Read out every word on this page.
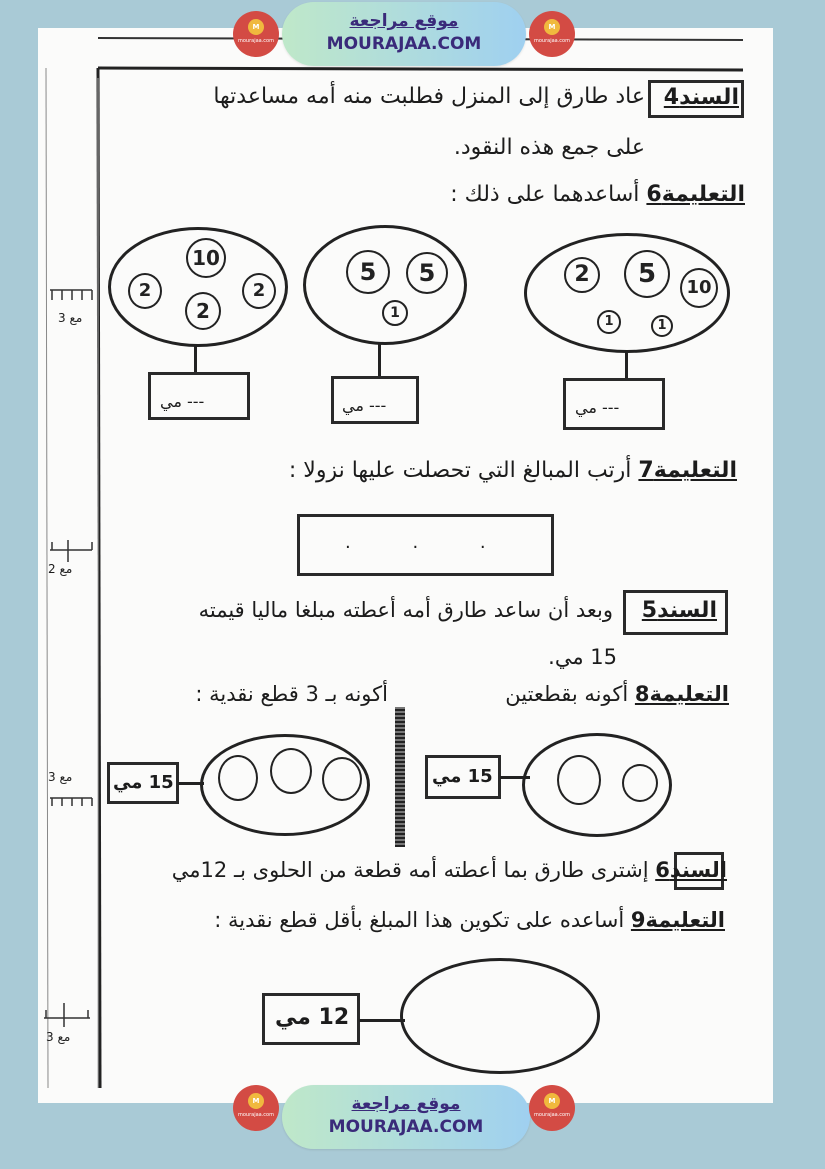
موقع مراجعة
MOURAJAA.COM
موقع مراجعة
MOURAJAA.COM
M
mourajaa.com
M
mourajaa.com
M
mourajaa.com
M
mourajaa.com
مع 3
مع 2
مع 3
مع 3
السند4
عاد طارق إلى المنزل فطلبت منه أمه مساعدتها
على جمع هذه النقود.
التعليمة6 أساعدهما على ذلك :
2	5	10
1	1
--- مي
5	5
1
--- مي
10
2
2
2
--- مي
التعليمة7 أرتب المبالغ التي تحصلت عليها نزولا :
. . .
السند5
وبعد أن ساعد طارق أمه أعطته مبلغا ماليا قيمته
15 مي.
التعليمة8 أكونه بقطعتين
أكونه بـ 3 قطع نقدية :
15 مي
15 مي
السند6 إشترى طارق بما أعطته أمه قطعة من الحلوى بـ 12مي
التعليمة9 أساعده على تكوين هذا المبلغ بأقل قطع نقدية :
12 مي
